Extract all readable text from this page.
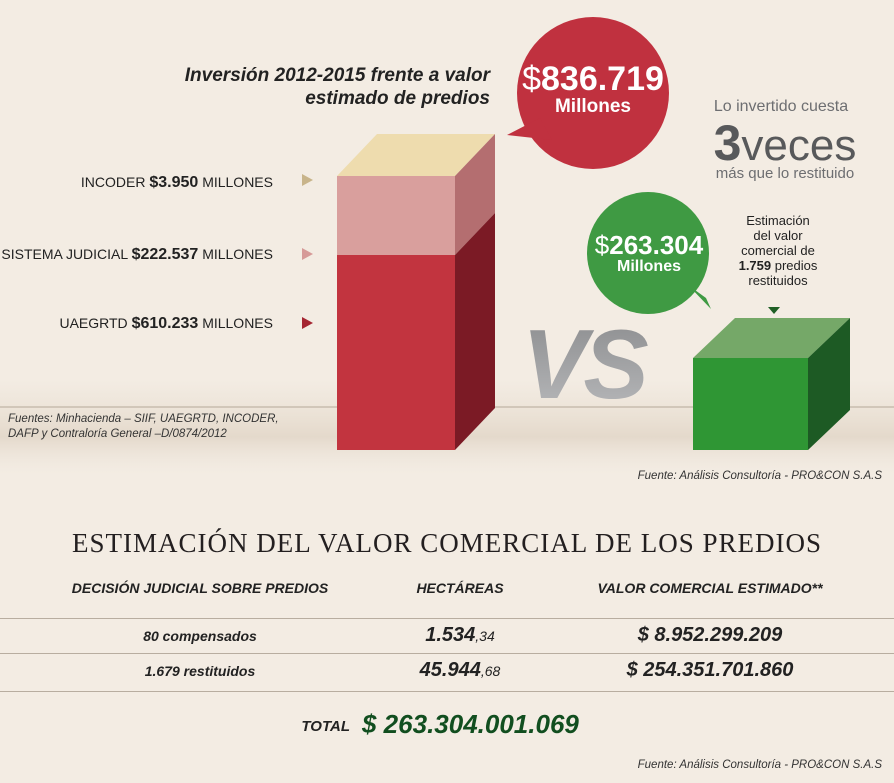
VS
Inversión 2012-2015 frente a valor estimado de predios
INCODER $3.950 MILLONES
SISTEMA JUDICIAL $222.537 MILLONES
UAEGRTD $610.233 MILLONES
$836.719
Millones
$263.304
Millones
Lo invertido cuesta
3veces
más que lo restituido
Estimación
del valor
comercial de
1.759 predios
restituidos
Fuentes: Minhacienda – SIIF, UAEGRTD, INCODER,
DAFP y Contraloría General –D/0874/2012
Fuente: Análisis Consultoría - PRO&CON S.A.S
ESTIMACIÓN DEL VALOR COMERCIAL DE LOS PREDIOS
DECISIÓN JUDICIAL SOBRE PREDIOS	HECTÁREAS	VALOR COMERCIAL ESTIMADO**
80 compensados	1.534,34	$ 8.952.299.209
1.679 restituidos	45.944,68	$ 254.351.701.860
TOTAL $ 263.304.001.069
Fuente: Análisis Consultoría - PRO&CON S.A.S
